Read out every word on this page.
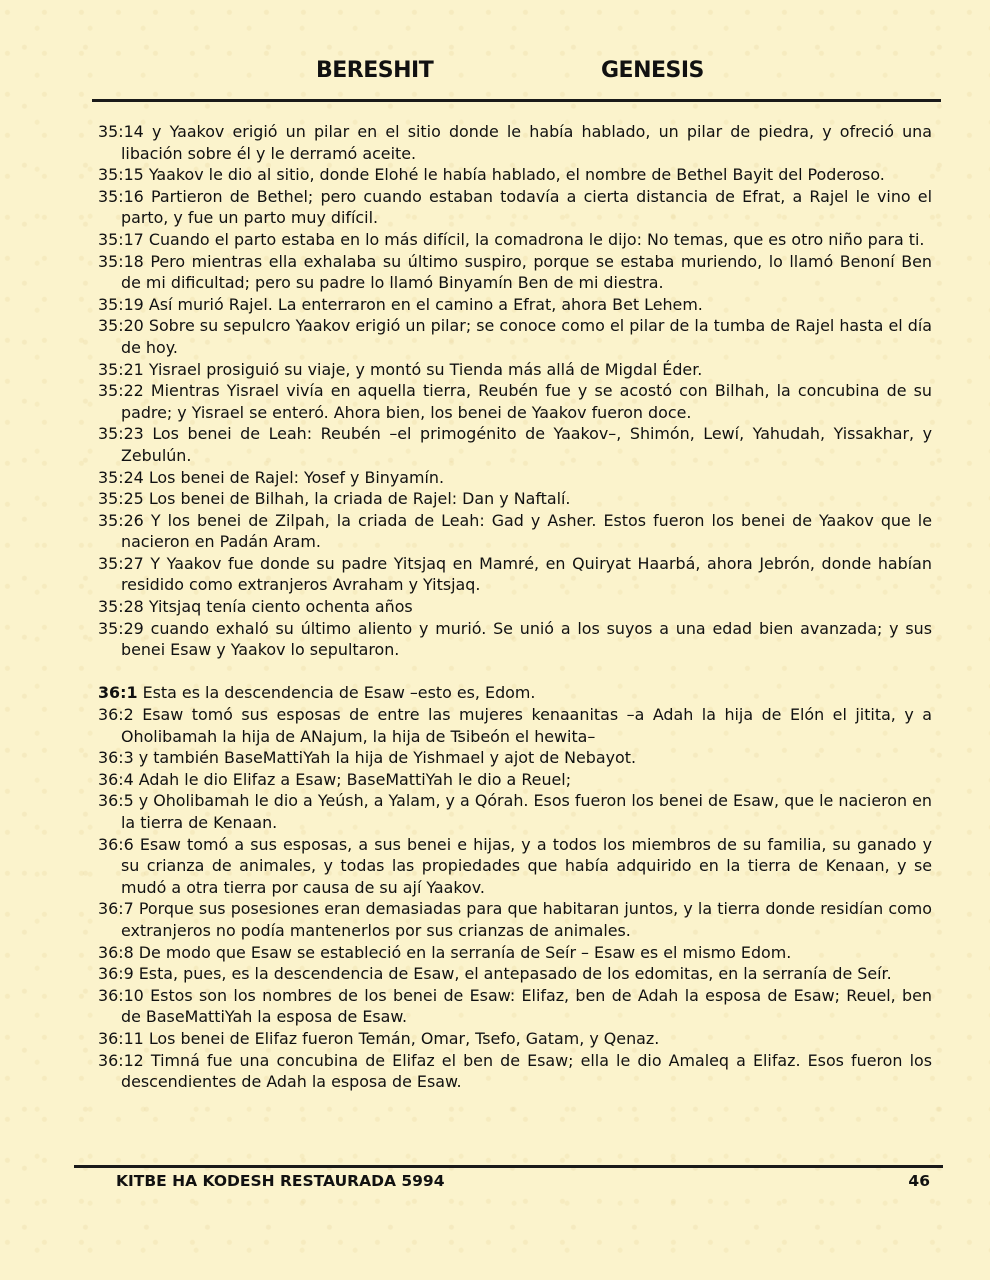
BERESHIT	GENESIS

35:14 y Yaakov erigió un pilar en el sitio donde le había hablado, un pilar de piedra, y ofreció una libación sobre él y le derramó aceite.

35:15 Yaakov le dio al sitio, donde Elohé le había hablado, el nombre de Bethel Bayit del Poderoso.

35:16 Partieron de Bethel; pero cuando estaban todavía a cierta distancia de Efrat, a Rajel le vino el parto, y fue un parto muy difícil.

35:17 Cuando el parto estaba en lo más difícil, la comadrona le dijo: No temas, que es otro niño para ti.

35:18 Pero mientras ella exhalaba su último suspiro, porque se estaba muriendo, lo llamó Benoní Ben de mi dificultad; pero su padre lo llamó Binyamín Ben de mi diestra.

35:19 Así murió Rajel. La enterraron en el camino a Efrat, ahora Bet Lehem.

35:20 Sobre su sepulcro Yaakov erigió un pilar; se conoce como el pilar de la tumba de Rajel hasta el día de hoy.

35:21 Yisrael prosiguió su viaje, y montó su Tienda más allá de Migdal Éder.

35:22 Mientras Yisrael vivía en aquella tierra, Reubén fue y se acostó con Bilhah, la concubina de su padre; y Yisrael se enteró. Ahora bien, los benei de Yaakov fueron doce.

35:23 Los benei de Leah: Reubén –el primogénito de Yaakov–, Shimón, Lewí, Yahudah, Yissakhar, y Zebulún.

35:24 Los benei de Rajel: Yosef y Binyamín.

35:25 Los benei de Bilhah, la criada de Rajel: Dan y Naftalí.

35:26 Y los benei de Zilpah, la criada de Leah: Gad y Asher. Estos fueron los benei de Yaakov que le nacieron en Padán Aram.

35:27 Y Yaakov fue donde su padre Yitsjaq en Mamré, en Quiryat Haarbá, ahora Jebrón, donde habían residido como extranjeros Avraham y Yitsjaq.

35:28 Yitsjaq tenía ciento ochenta años

35:29 cuando exhaló su último aliento y murió. Se unió a los suyos a una edad bien avanzada; y sus benei Esaw y Yaakov lo sepultaron.

36:1 Esta es la descendencia de Esaw –esto es, Edom.

36:2 Esaw tomó sus esposas de entre las mujeres kenaanitas –a Adah la hija de Elón el jitita, y a Oholibamah la hija de ANajum, la hija de Tsibeón el hewita–

36:3 y también BaseMattiYah la hija de Yishmael y ajot de Nebayot.

36:4 Adah le dio Elifaz a Esaw; BaseMattiYah le dio a Reuel;

36:5 y Oholibamah le dio a Yeúsh, a Yalam, y a Qórah. Esos fueron los benei de Esaw, que le nacieron en la tierra de Kenaan.

36:6 Esaw tomó a sus esposas, a sus benei e hijas, y a todos los miembros de su familia, su ganado y su crianza de animales, y todas las propiedades que había adquirido en la tierra de Kenaan, y se mudó a otra tierra por causa de su ají Yaakov.

36:7 Porque sus posesiones eran demasiadas para que habitaran juntos, y la tierra donde residían como extranjeros no podía mantenerlos por sus crianzas de animales.

36:8 De modo que Esaw se estableció en la serranía de Seír – Esaw es el mismo Edom.

36:9 Esta, pues, es la descendencia de Esaw, el antepasado de los edomitas, en la serranía de Seír.

36:10 Estos son los nombres de los benei de Esaw: Elifaz, ben de Adah la esposa de Esaw; Reuel, ben de BaseMattiYah la esposa de Esaw.

36:11 Los benei de Elifaz fueron Temán, Omar, Tsefo, Gatam, y Qenaz.

36:12 Timná fue una concubina de Elifaz el ben de Esaw; ella le dio Amaleq a Elifaz. Esos fueron los descendientes de Adah la esposa de Esaw.

KITBE HA KODESH RESTAURADA 5994	46
